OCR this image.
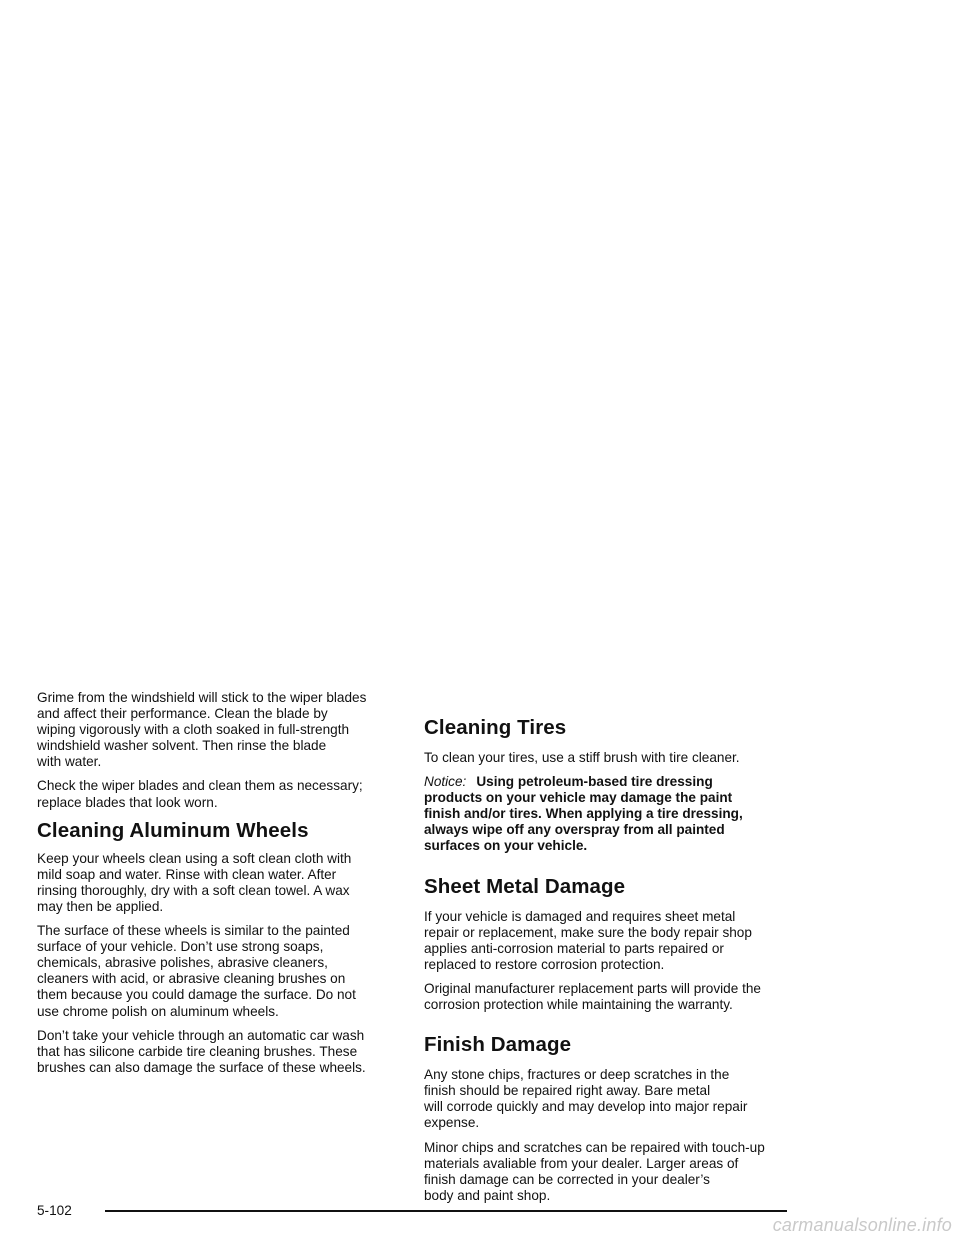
Grime from the windshield will stick to the wiper blades
and affect their performance. Clean the blade by
wiping vigorously with a cloth soaked in full-strength
windshield washer solvent. Then rinse the blade
with water.

Check the wiper blades and clean them as necessary;
replace blades that look worn.

Cleaning Aluminum Wheels

Keep your wheels clean using a soft clean cloth with
mild soap and water. Rinse with clean water. After
rinsing thoroughly, dry with a soft clean towel. A wax
may then be applied.

The surface of these wheels is similar to the painted
surface of your vehicle. Don’t use strong soaps,
chemicals, abrasive polishes, abrasive cleaners,
cleaners with acid, or abrasive cleaning brushes on
them because you could damage the surface. Do not
use chrome polish on aluminum wheels.

Don’t take your vehicle through an automatic car wash
that has silicone carbide tire cleaning brushes. These
brushes can also damage the surface of these wheels.

Cleaning Tires

To clean your tires, use a stiff brush with tire cleaner.

Notice: Using petroleum-based tire dressing
products on your vehicle may damage the paint
finish and/or tires. When applying a tire dressing,
always wipe off any overspray from all painted
surfaces on your vehicle.

Sheet Metal Damage

If your vehicle is damaged and requires sheet metal
repair or replacement, make sure the body repair shop
applies anti-corrosion material to parts repaired or
replaced to restore corrosion protection.

Original manufacturer replacement parts will provide the
corrosion protection while maintaining the warranty.

Finish Damage

Any stone chips, fractures or deep scratches in the
finish should be repaired right away. Bare metal
will corrode quickly and may develop into major repair
expense.

Minor chips and scratches can be repaired with touch-up
materials avaliable from your dealer. Larger areas of
finish damage can be corrected in your dealer’s
body and paint shop.

5-102
carmanualsonline.info
